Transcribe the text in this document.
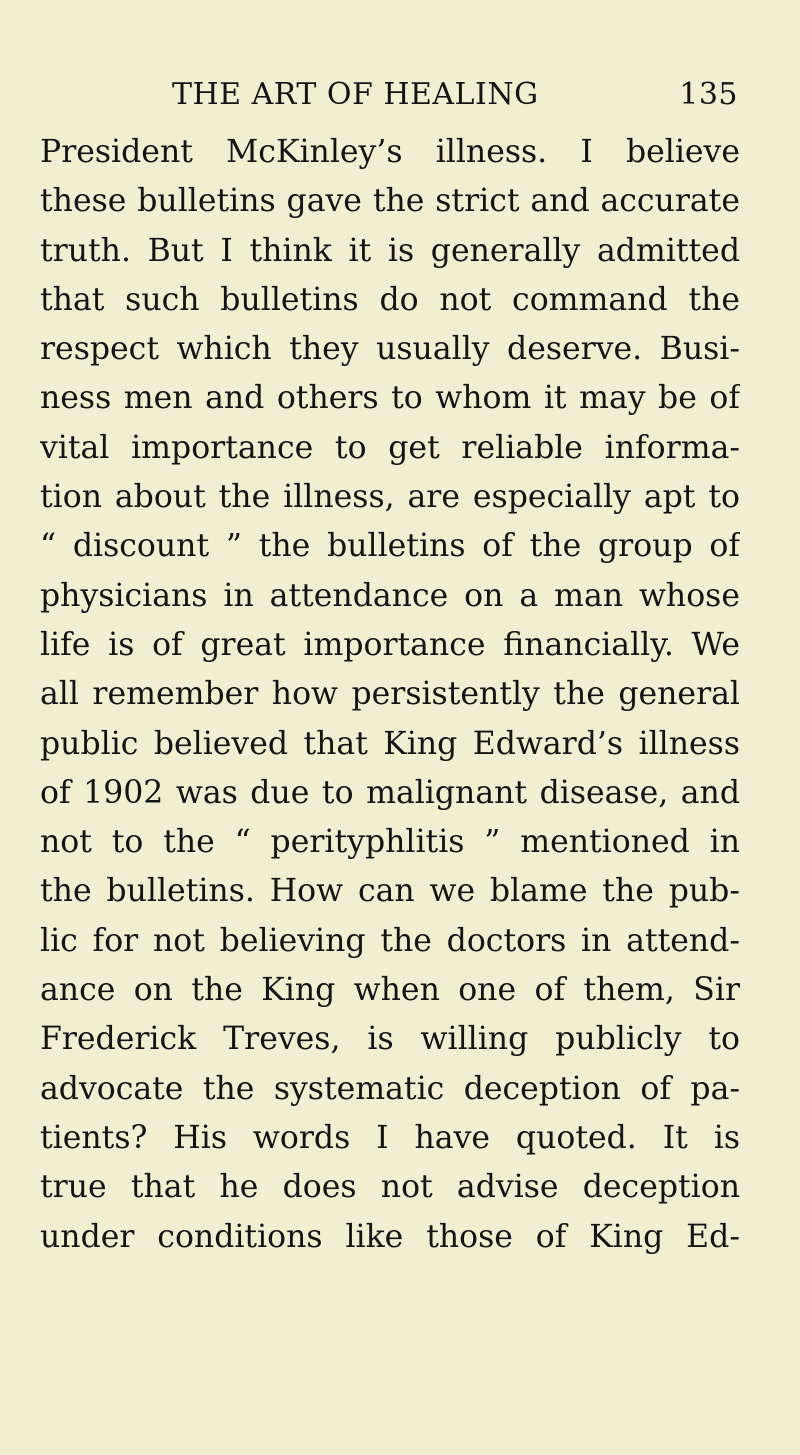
THE ART OF HEALING	135
President McKinley’s illness. I believe
these bulletins gave the strict and accurate
truth. But I think it is generally admitted
that such bulletins do not command the
respect which they usually deserve. Busi-
ness men and others to whom it may be of
vital importance to get reliable informa-
tion about the illness, are especially apt to
“ discount ” the bulletins of the group of
physicians in attendance on a man whose
life is of great importance financially. We
all remember how persistently the general
public believed that King Edward’s illness
of 1902 was due to malignant disease, and
not to the “ perityphlitis ” mentioned in
the bulletins. How can we blame the pub-
lic for not believing the doctors in attend-
ance on the King when one of them, Sir
Frederick Treves, is willing publicly to
advocate the systematic deception of pa-
tients? His words I have quoted. It is
true that he does not advise deception
under conditions like those of King Ed-
